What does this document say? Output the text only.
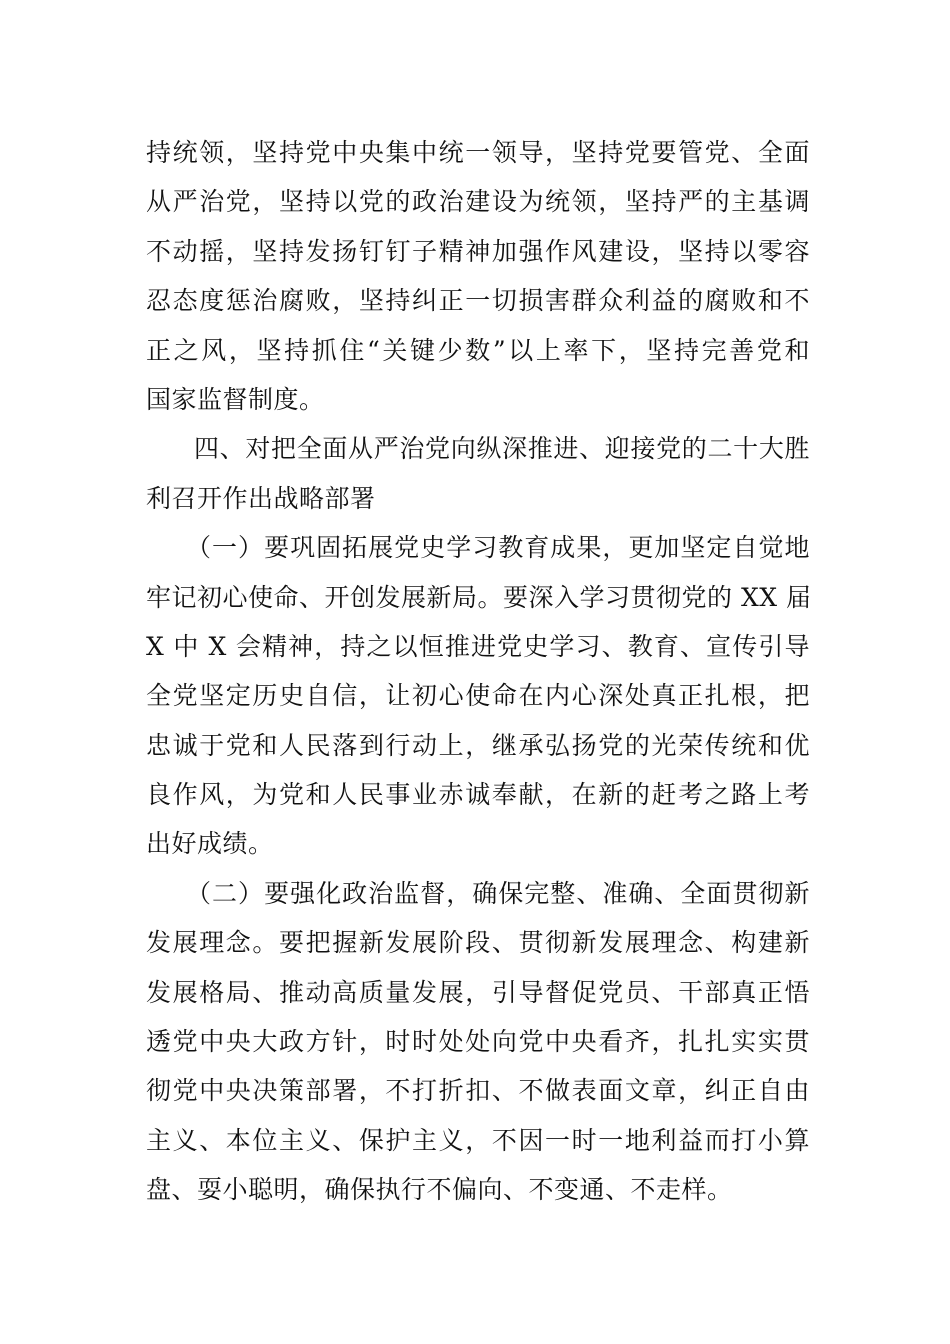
持统领，坚持党中央集中统一领导，坚持党要管党、全面
从严治党，坚持以党的政治建设为统领，坚持严的主基调
不动摇，坚持发扬钉钉子精神加强作风建设，坚持以零容
忍态度惩治腐败，坚持纠正一切损害群众利益的腐败和不
正之风，坚持抓住“关键少数”以上率下，坚持完善党和
国家监督制度。
四、对把全面从严治党向纵深推进、迎接党的二十大胜
利召开作出战略部署
（一）要巩固拓展党史学习教育成果，更加坚定自觉地
牢记初心使命、开创发展新局。要深入学习贯彻党的 XX 届
X 中 X 会精神，持之以恒推进党史学习、教育、宣传引导
全党坚定历史自信，让初心使命在内心深处真正扎根，把
忠诚于党和人民落到行动上，继承弘扬党的光荣传统和优
良作风，为党和人民事业赤诚奉献，在新的赶考之路上考
出好成绩。
（二）要强化政治监督，确保完整、准确、全面贯彻新
发展理念。要把握新发展阶段、贯彻新发展理念、构建新
发展格局、推动高质量发展，引导督促党员、干部真正悟
透党中央大政方针，时时处处向党中央看齐，扎扎实实贯
彻党中央决策部署，不打折扣、不做表面文章，纠正自由
主义、本位主义、保护主义，不因一时一地利益而打小算
盘、耍小聪明，确保执行不偏向、不变通、不走样。
